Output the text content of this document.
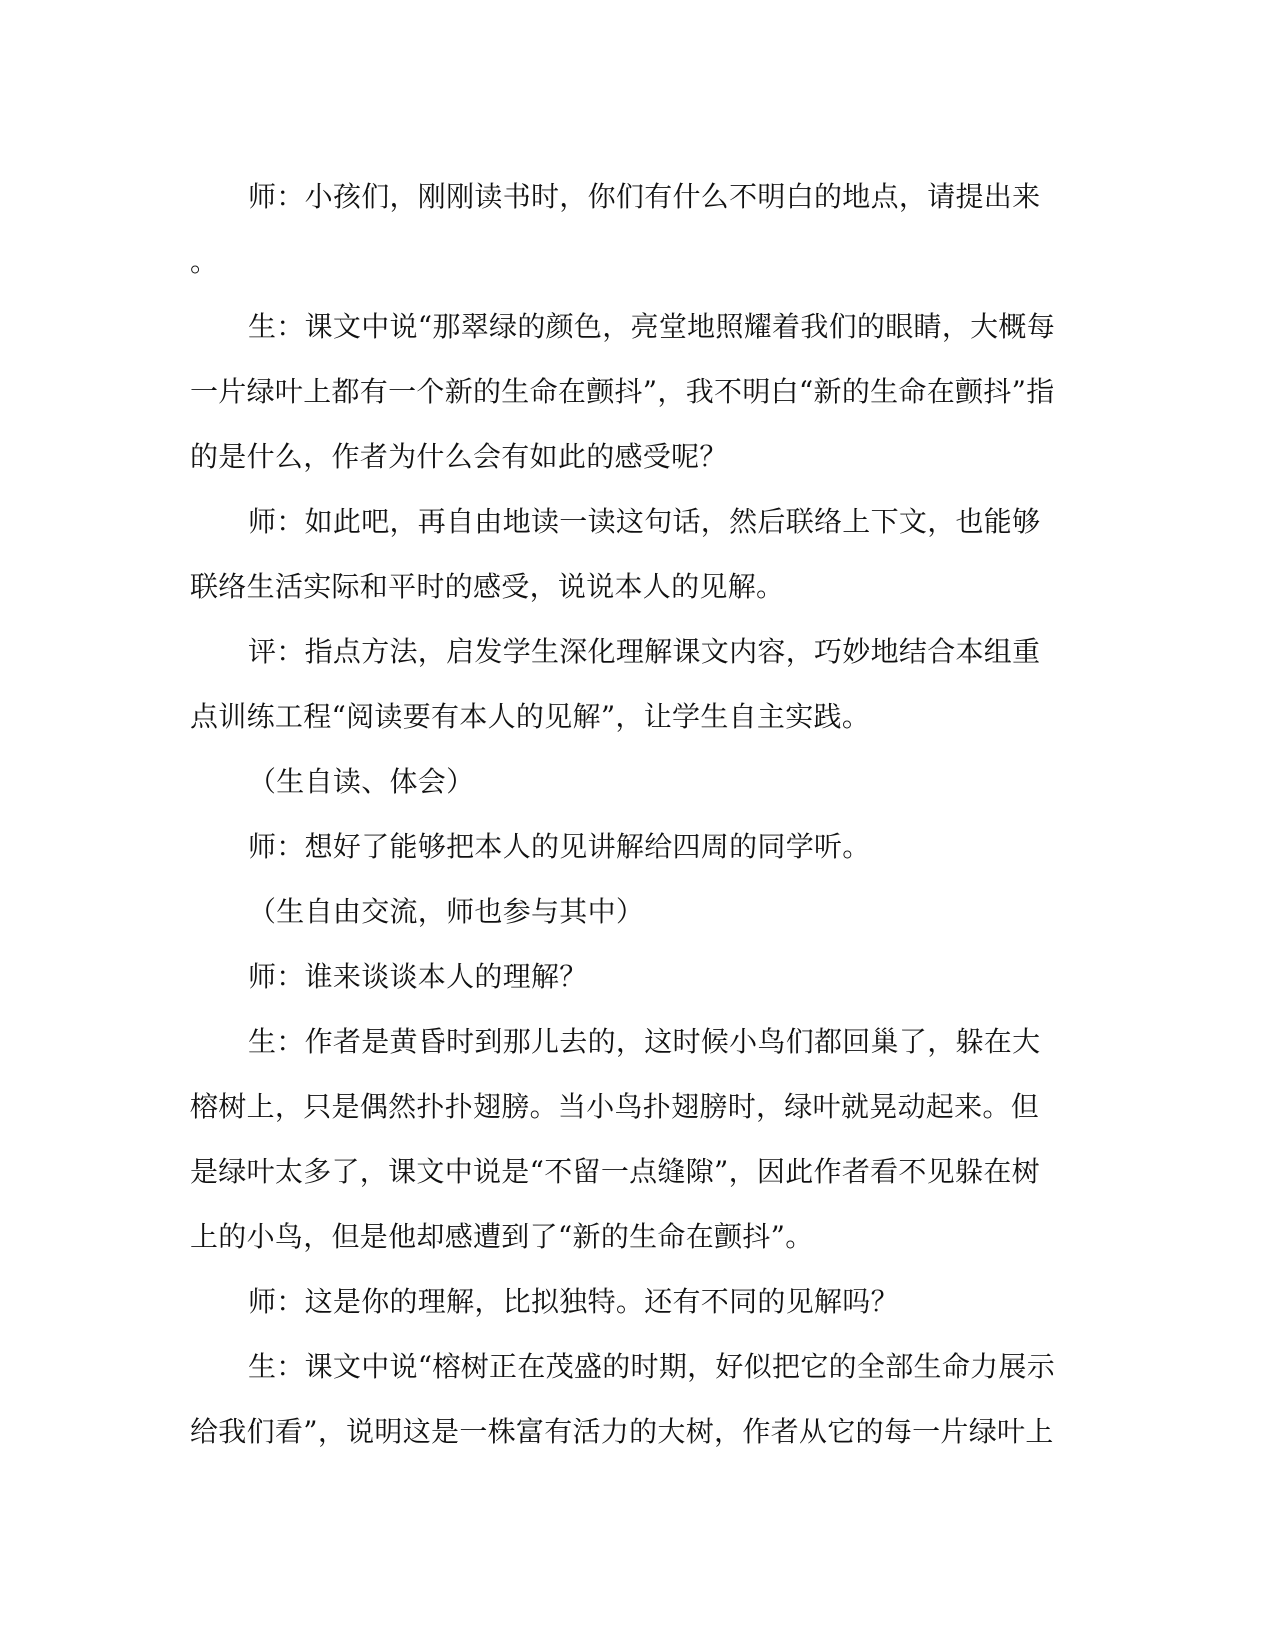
师：小孩们，刚刚读书时，你们有什么不明白的地点，请提出来
。
生：课文中说“那翠绿的颜色，亮堂地照耀着我们的眼睛，大概每
一片绿叶上都有一个新的生命在颤抖”，我不明白“新的生命在颤抖”指
的是什么，作者为什么会有如此的感受呢？
师：如此吧，再自由地读一读这句话，然后联络上下文，也能够
联络生活实际和平时的感受，说说本人的见解。
评：指点方法，启发学生深化理解课文内容，巧妙地结合本组重
点训练工程“阅读要有本人的见解”，让学生自主实践。
（生自读、体会）
师：想好了能够把本人的见讲解给四周的同学听。
（生自由交流，师也参与其中）
师：谁来谈谈本人的理解？
生：作者是黄昏时到那儿去的，这时候小鸟们都回巢了，躲在大
榕树上，只是偶然扑扑翅膀。当小鸟扑翅膀时，绿叶就晃动起来。但
是绿叶太多了，课文中说是“不留一点缝隙”，因此作者看不见躲在树
上的小鸟，但是他却感遭到了“新的生命在颤抖”。
师：这是你的理解，比拟独特。还有不同的见解吗？
生：课文中说“榕树正在茂盛的时期，好似把它的全部生命力展示
给我们看”，说明这是一株富有活力的大树，作者从它的每一片绿叶上
